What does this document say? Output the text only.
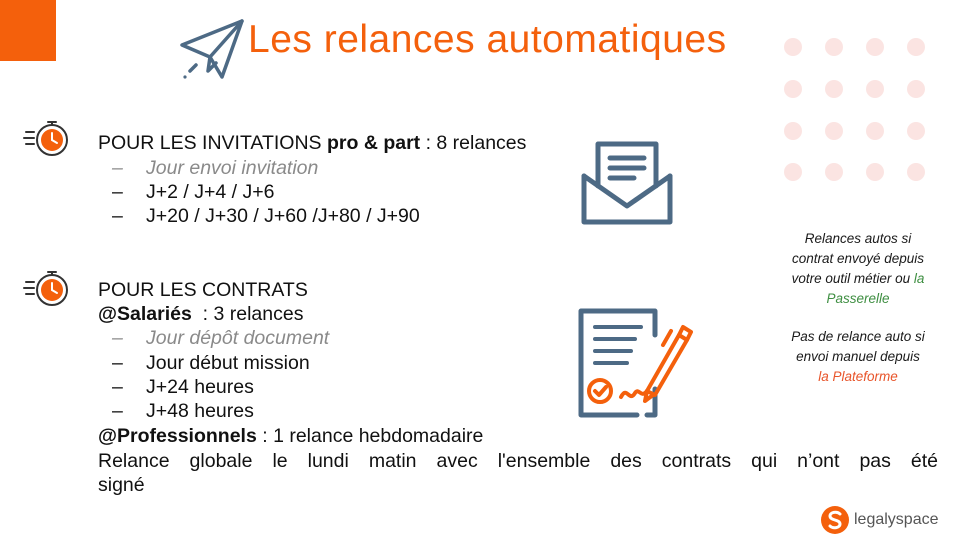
Les relances automatiques
POUR LES INVITATIONS pro & part : 8 relances
– Jour envoi invitation
– J+2 / J+4 / J+6
– J+20 / J+30 / J+60 /J+80 / J+90
POUR LES CONTRATS
@Salariés  : 3 relances
– Jour dépôt document
– Jour début mission
– J+24 heures
– J+48 heures
@Professionnels : 1 relance hebdomadaire
Relance globale le lundi matin avec l'ensemble des contrats qui n’ont pas été
signé
Relances autos si
contrat envoyé depuis
votre outil métier ou la
Passerelle
Pas de relance auto si
envoi manuel depuis
la Plateforme
legalyspace
